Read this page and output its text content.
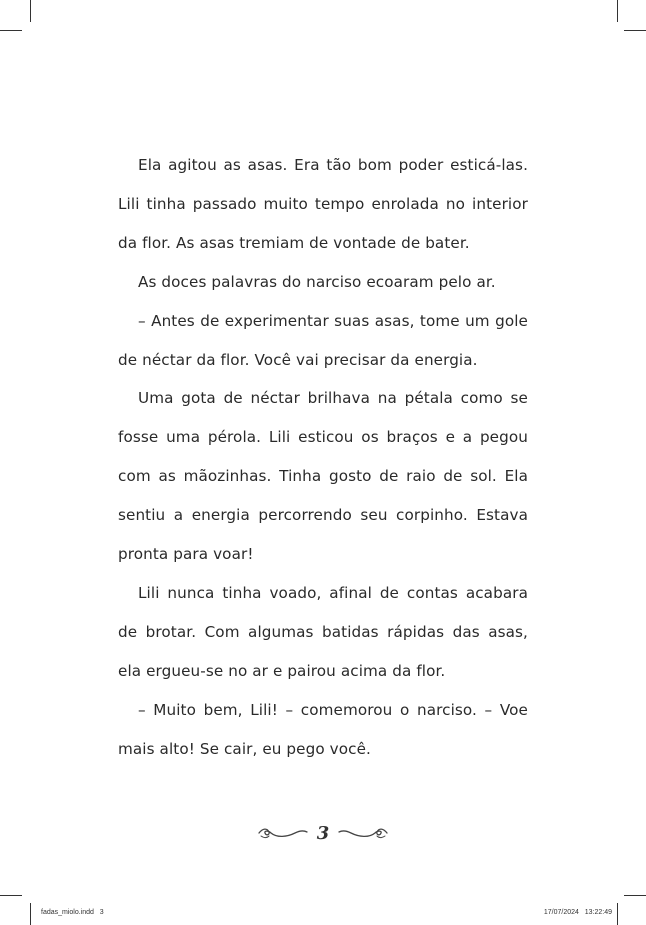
Ela agitou as asas. Era tão bom poder esticá-las. Lili tinha passado muito tempo enrolada no interior da flor. As asas tremiam de vontade de bater.

As doces palavras do narciso ecoaram pelo ar.

– Antes de experimentar suas asas, tome um gole de néctar da flor. Você vai precisar da energia.

Uma gota de néctar brilhava na pétala como se fosse uma pérola. Lili esticou os braços e a pegou com as mãozinhas. Tinha gosto de raio de sol. Ela sentiu a energia percorrendo seu corpinho. Estava pronta para voar!

Lili nunca tinha voado, afinal de contas acabara de brotar. Com algumas batidas rápidas das asas, ela ergueu-se no ar e pairou acima da flor.

– Muito bem, Lili! – comemorou o narciso. – Voe mais alto! Se cair, eu pego você.

3
fadas_miolo.indd   3	17/07/2024   13:22:49
